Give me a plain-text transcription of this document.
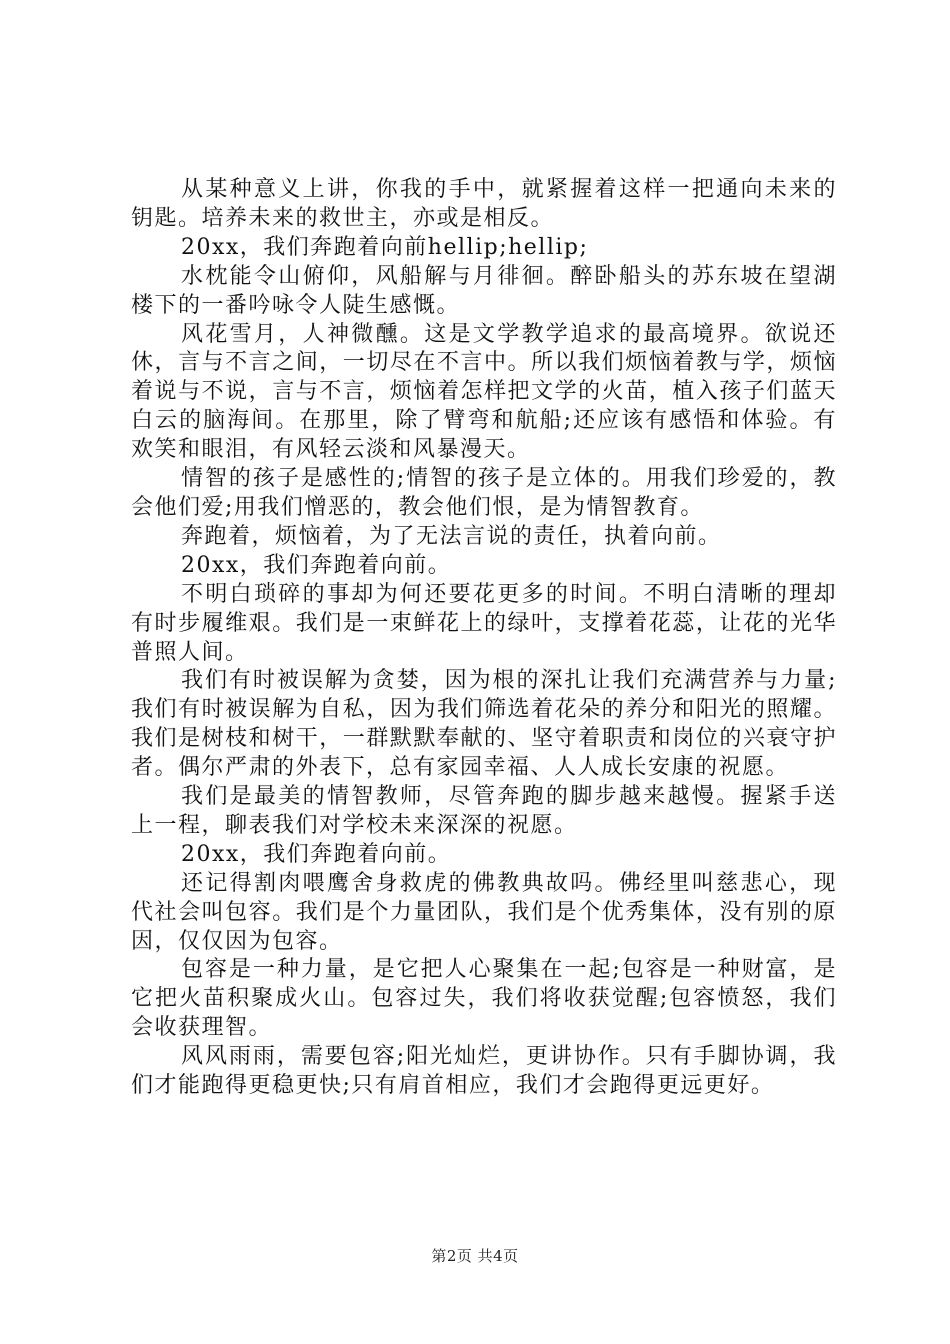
从某种意义上讲，你我的手中，就紧握着这样一把通向未来的钥匙。培养未来的救世主，亦或是相反。

20xx，我们奔跑着向前hellip;hellip;

水枕能令山俯仰，风船解与月徘徊。醉卧船头的苏东坡在望湖楼下的一番吟咏令人陡生感慨。

风花雪月，人神微醺。这是文学教学追求的最高境界。欲说还休，言与不言之间，一切尽在不言中。所以我们烦恼着教与学，烦恼着说与不说，言与不言，烦恼着怎样把文学的火苗，植入孩子们蓝天白云的脑海间。在那里，除了臂弯和航船;还应该有感悟和体验。有欢笑和眼泪，有风轻云淡和风暴漫天。

情智的孩子是感性的;情智的孩子是立体的。用我们珍爱的，教会他们爱;用我们憎恶的，教会他们恨，是为情智教育。

奔跑着，烦恼着，为了无法言说的责任，执着向前。

20xx，我们奔跑着向前。

不明白琐碎的事却为何还要花更多的时间。不明白清晰的理却有时步履维艰。我们是一束鲜花上的绿叶，支撑着花蕊，让花的光华普照人间。

我们有时被误解为贪婪，因为根的深扎让我们充满营养与力量;我们有时被误解为自私，因为我们筛选着花朵的养分和阳光的照耀。我们是树枝和树干，一群默默奉献的、坚守着职责和岗位的兴衰守护者。偶尔严肃的外表下，总有家园幸福、人人成长安康的祝愿。

我们是最美的情智教师，尽管奔跑的脚步越来越慢。握紧手送上一程，聊表我们对学校未来深深的祝愿。

20xx，我们奔跑着向前。

还记得割肉喂鹰舍身救虎的佛教典故吗。佛经里叫慈悲心，现代社会叫包容。我们是个力量团队，我们是个优秀集体，没有别的原因，仅仅因为包容。

包容是一种力量，是它把人心聚集在一起;包容是一种财富，是它把火苗积聚成火山。包容过失，我们将收获觉醒;包容愤怒，我们会收获理智。

风风雨雨，需要包容;阳光灿烂，更讲协作。只有手脚协调，我们才能跑得更稳更快;只有肩首相应，我们才会跑得更远更好。

第2页 共4页
